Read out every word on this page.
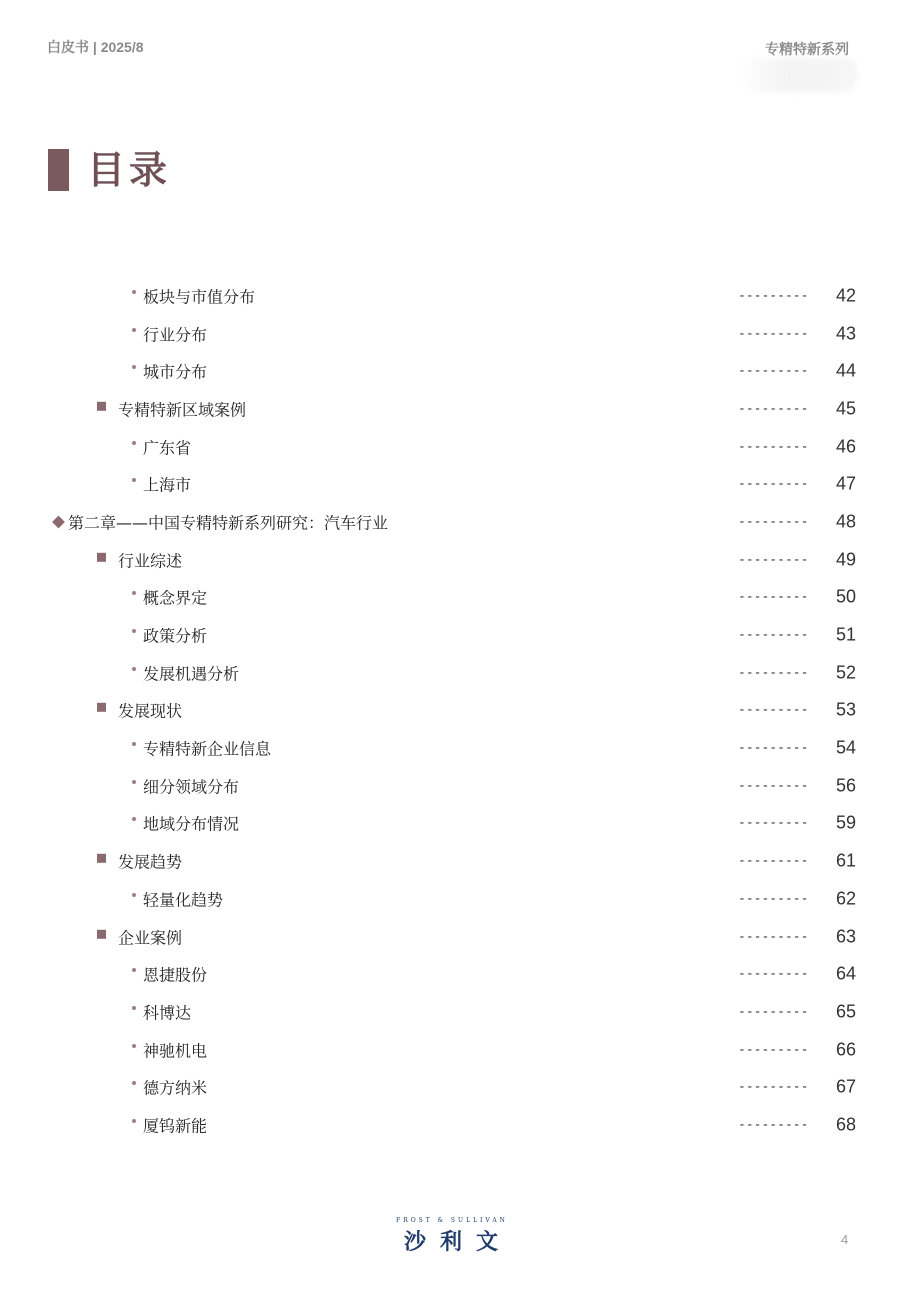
白皮书 | 2025/8	专精特新系列
目录
板块与市值分布	--------- 42
行业分布	--------- 43
城市分布	--------- 44
专精特新区域案例	--------- 45
广东省	--------- 46
上海市	--------- 47
第二章——中国专精特新系列研究：汽车行业	--------- 48
行业综述	--------- 49
概念界定	--------- 50
政策分析	--------- 51
发展机遇分析	--------- 52
发展现状	--------- 53
专精特新企业信息	--------- 54
细分领域分布	--------- 56
地域分布情况	--------- 59
发展趋势	--------- 61
轻量化趋势	--------- 62
企业案例	--------- 63
恩捷股份	--------- 64
科博达	--------- 65
神驰机电	--------- 66
德方纳米	--------- 67
厦钨新能	--------- 68
FROST & SULLIVAN
沙利文	4
